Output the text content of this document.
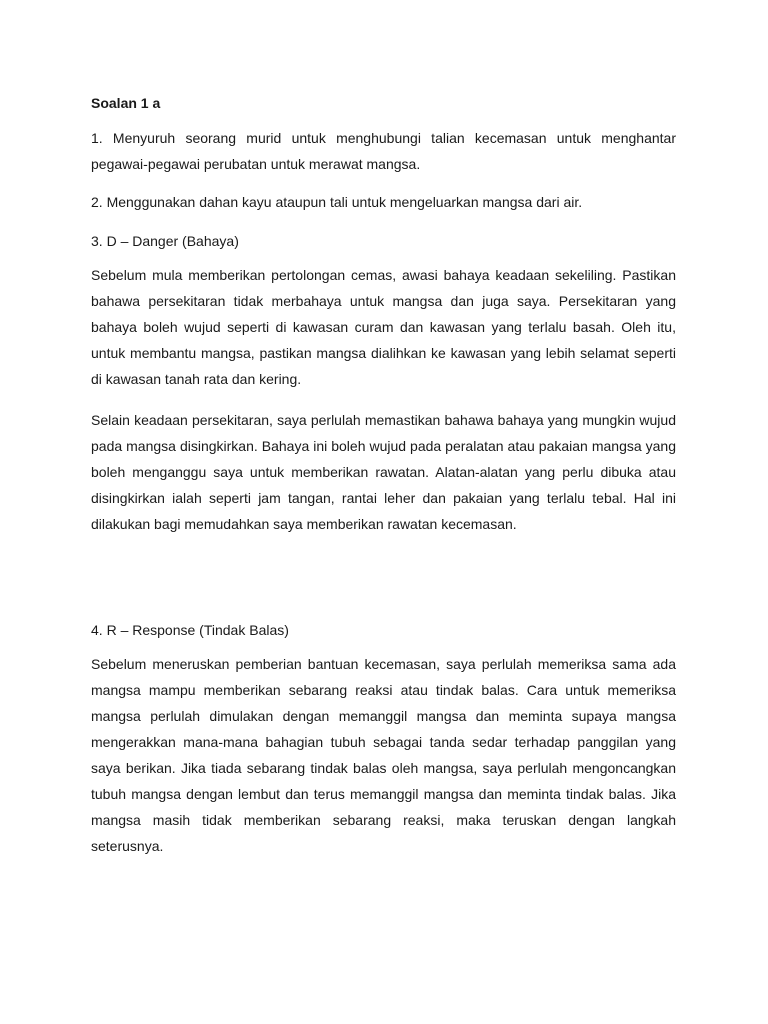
Soalan 1 a

1. Menyuruh seorang murid untuk menghubungi talian kecemasan untuk menghantar pegawai-pegawai perubatan untuk merawat mangsa.

2. Menggunakan dahan kayu ataupun tali untuk mengeluarkan mangsa dari air.

3. D – Danger (Bahaya)

Sebelum mula memberikan pertolongan cemas, awasi bahaya keadaan sekeliling. Pastikan bahawa persekitaran tidak merbahaya untuk mangsa dan juga saya. Persekitaran yang bahaya boleh wujud seperti di kawasan curam dan kawasan yang terlalu basah. Oleh itu, untuk membantu mangsa, pastikan mangsa dialihkan ke kawasan yang lebih selamat seperti di kawasan tanah rata dan kering.

Selain keadaan persekitaran, saya perlulah memastikan bahawa bahaya yang mungkin wujud pada mangsa disingkirkan. Bahaya ini boleh wujud pada peralatan atau pakaian mangsa yang boleh menganggu saya untuk memberikan rawatan. Alatan-alatan yang perlu dibuka atau disingkirkan ialah seperti jam tangan, rantai leher dan pakaian yang terlalu tebal. Hal ini dilakukan bagi memudahkan saya memberikan rawatan kecemasan.

4. R – Response (Tindak Balas)

Sebelum meneruskan pemberian bantuan kecemasan, saya perlulah memeriksa sama ada mangsa mampu memberikan sebarang reaksi atau tindak balas. Cara untuk memeriksa mangsa perlulah dimulakan dengan memanggil mangsa dan meminta supaya mangsa mengerakkan mana-mana bahagian tubuh sebagai tanda sedar terhadap panggilan yang saya berikan. Jika tiada sebarang tindak balas oleh mangsa, saya perlulah mengoncangkan tubuh mangsa dengan lembut dan terus memanggil mangsa dan meminta tindak balas. Jika mangsa masih tidak memberikan sebarang reaksi, maka teruskan dengan langkah seterusnya.
